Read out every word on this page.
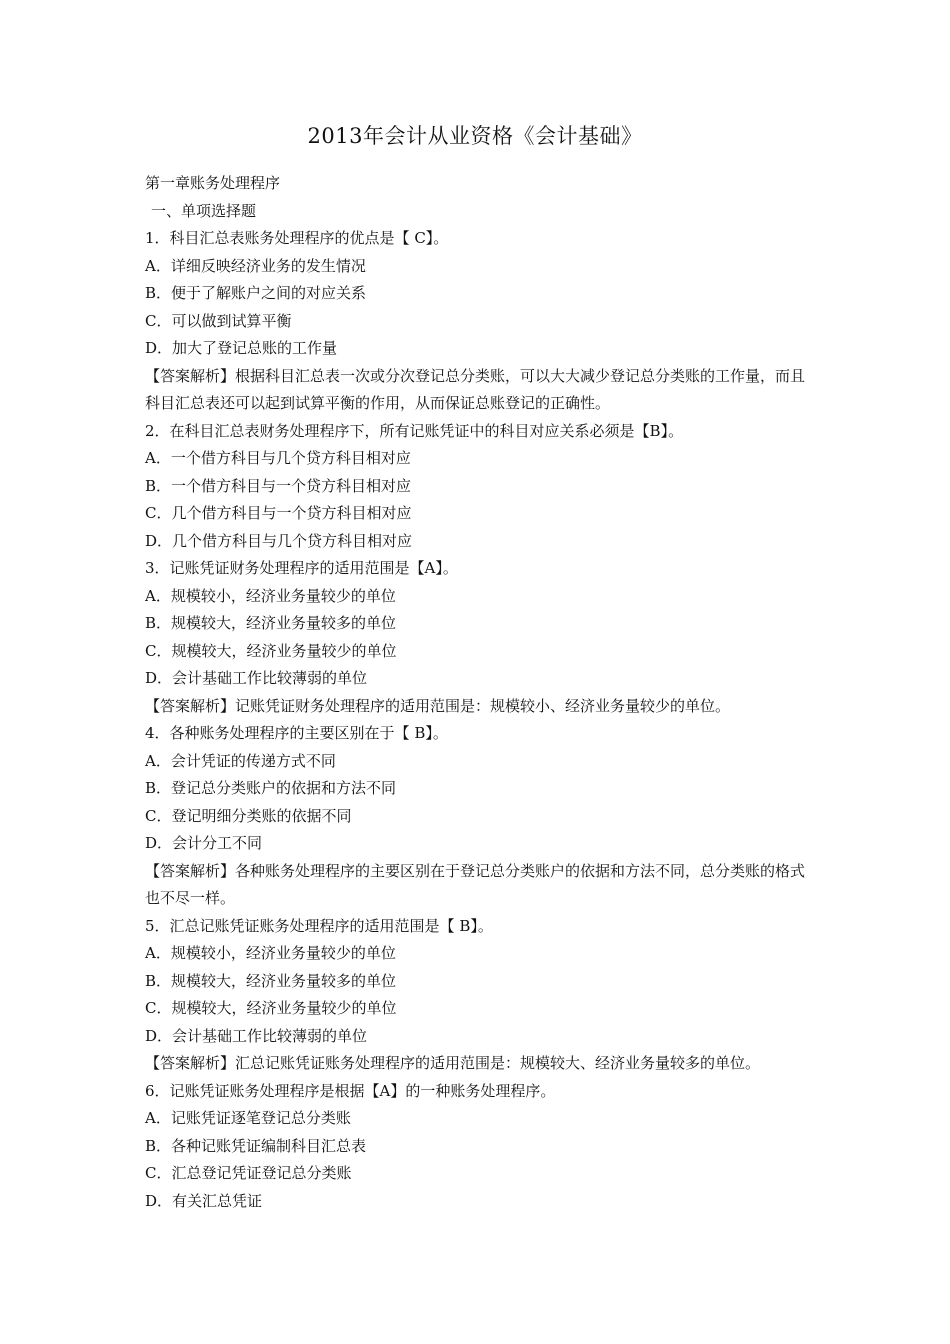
2013年会计从业资格《会计基础》

第一章账务处理程序

一、单项选择题

1．科目汇总表账务处理程序的优点是【 C】。

A．详细反映经济业务的发生情况

B．便于了解账户之间的对应关系

C．可以做到试算平衡

D．加大了登记总账的工作量

【答案解析】根据科目汇总表一次或分次登记总分类账，可以大大减少登记总分类账的工作量，而且科目汇总表还可以起到试算平衡的作用，从而保证总账登记的正确性。

2．在科目汇总表财务处理程序下，所有记账凭证中的科目对应关系必须是【B】。

A．一个借方科目与几个贷方科目相对应

B．一个借方科目与一个贷方科目相对应

C．几个借方科目与一个贷方科目相对应

D．几个借方科目与几个贷方科目相对应

3．记账凭证财务处理程序的适用范围是【A】。

A．规模较小，经济业务量较少的单位

B．规模较大，经济业务量较多的单位

C．规模较大，经济业务量较少的单位

D．会计基础工作比较薄弱的单位

【答案解析】记账凭证财务处理程序的适用范围是：规模较小、经济业务量较少的单位。

4．各种账务处理程序的主要区别在于【 B】。

A．会计凭证的传递方式不同

B．登记总分类账户的依据和方法不同

C．登记明细分类账的依据不同

D．会计分工不同

【答案解析】各种账务处理程序的主要区别在于登记总分类账户的依据和方法不同，总分类账的格式也不尽一样。

5．汇总记账凭证账务处理程序的适用范围是【 B】。

A．规模较小，经济业务量较少的单位

B．规模较大，经济业务量较多的单位

C．规模较大，经济业务量较少的单位

D．会计基础工作比较薄弱的单位

【答案解析】汇总记账凭证账务处理程序的适用范围是：规模较大、经济业务量较多的单位。

6．记账凭证账务处理程序是根据【A】的一种账务处理程序。

A．记账凭证逐笔登记总分类账

B．各种记账凭证编制科目汇总表

C．汇总登记凭证登记总分类账

D．有关汇总凭证
